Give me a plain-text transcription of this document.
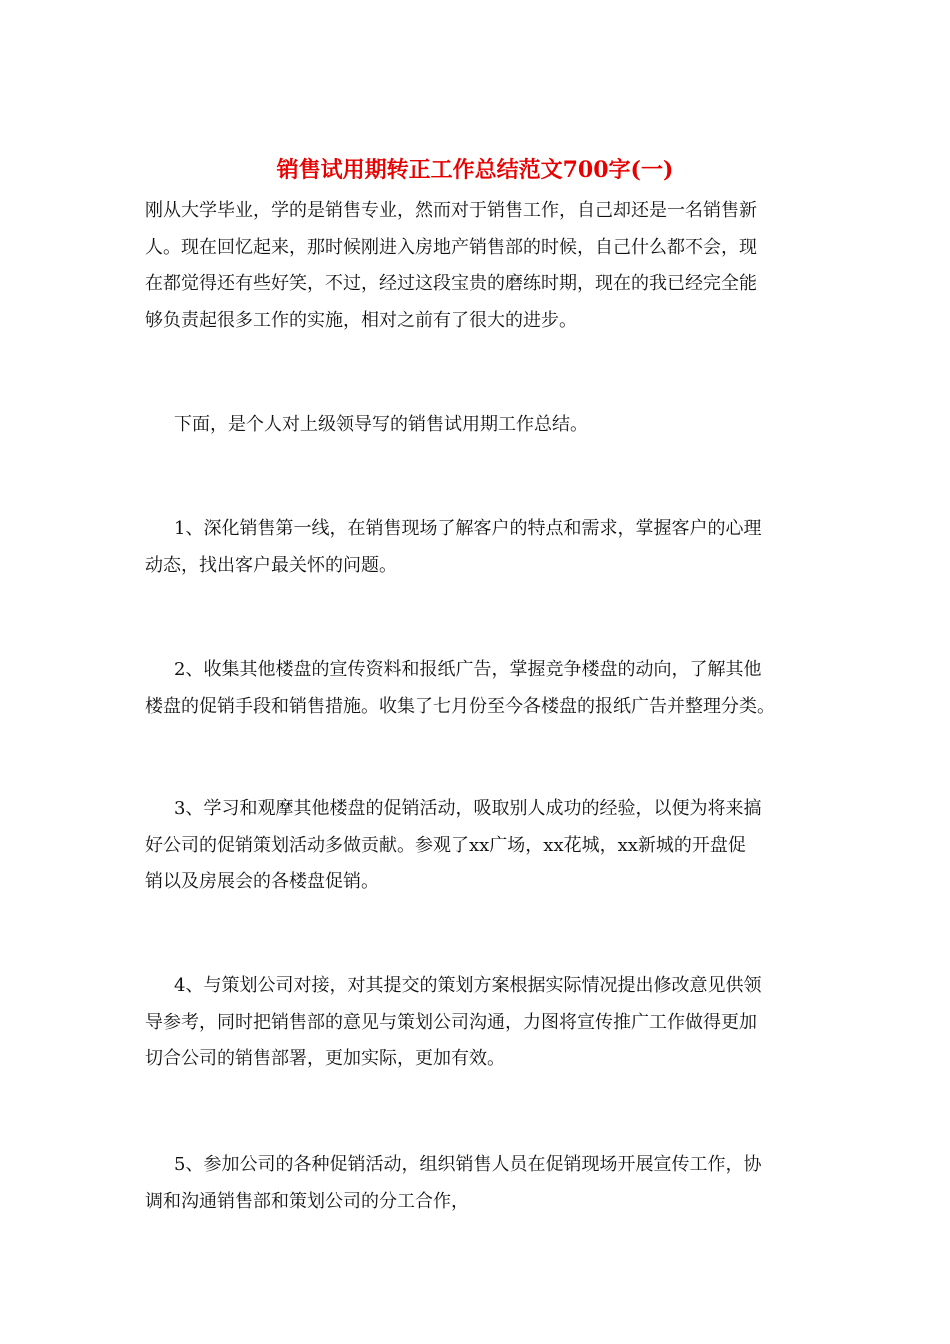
销售试用期转正工作总结范文700字(一)
刚从大学毕业，学的是销售专业，然而对于销售工作，自己却还是一名销售新
人。现在回忆起来，那时候刚进入房地产销售部的时候，自己什么都不会，现
在都觉得还有些好笑，不过，经过这段宝贵的磨练时期，现在的我已经完全能
够负责起很多工作的实施，相对之前有了很大的进步。
下面，是个人对上级领导写的销售试用期工作总结。
1、深化销售第一线，在销售现场了解客户的特点和需求，掌握客户的心理
动态，找出客户最关怀的问题。
2、收集其他楼盘的宣传资料和报纸广告，掌握竞争楼盘的动向，了解其他
楼盘的促销手段和销售措施。收集了七月份至今各楼盘的报纸广告并整理分类。
3、学习和观摩其他楼盘的促销活动，吸取别人成功的经验，以便为将来搞
好公司的促销策划活动多做贡献。参观了xx广场，xx花城，xx新城的开盘促
销以及房展会的各楼盘促销。
4、与策划公司对接，对其提交的策划方案根据实际情况提出修改意见供领
导参考，同时把销售部的意见与策划公司沟通，力图将宣传推广工作做得更加
切合公司的销售部署，更加实际，更加有效。
5、参加公司的各种促销活动，组织销售人员在促销现场开展宣传工作，协
调和沟通销售部和策划公司的分工合作，
